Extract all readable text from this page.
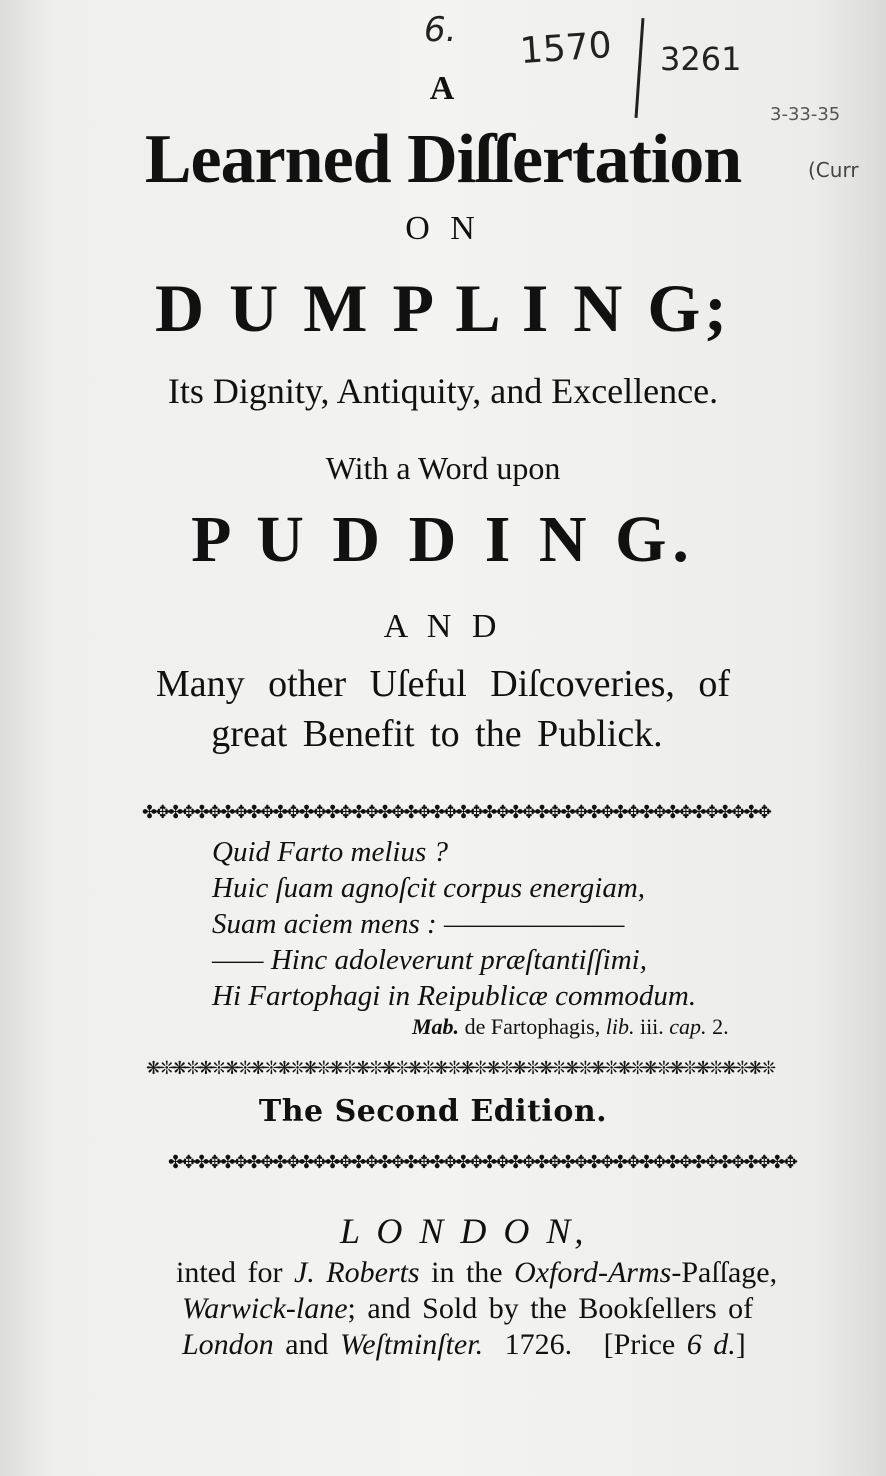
6. 1570 3261
3-33-35
(Curr
A
Learned Diſſertation
O N
D U M P L I N G;
Its Dignity, Antiquity, and Excellence.
With a Word upon
P U D D I N G.
A N D
Many other Uſeful Diſcoveries, of
great Benefit to the Publick.
✤✥✤✥✤✥✤✥✤✥✤✥✤✥✤✥✤✥✤✥✤✥✤✥✤✥✤✥✤✥✤✥✤✥✤✥✤✥✤✥✤✥✤✥✤✥✤✥
Quid Farto melius ?
Huic ſuam agnoſcit corpus energiam,
Suam aciem mens : ———————
—— Hinc adoleverunt præſtantiſſimi,
Hi Fartophagi in Reipublicæ commodum.
Mab. de Fartophagis, lib. iii. cap. 2.
❋❊❋❊❋❊❋❊❋❊❋❊❋❊❋❊❋❊❋❊❋❊❋❊❋❊❋❊❋❊❋❊❋❊❋❊❋❊❋❊❋❊❋❊❋❊❋❊
The Second Edition.
✤✥✤✥✤✥✤✥✤✥✤✥✤✥✤✥✤✥✤✥✤✥✤✥✤✥✤✥✤✥✤✥✤✥✤✥✤✥✤✥✤✥✤✥✤✥✤✥
L O N D O N,
inted for J. Roberts in the Oxford-Arms-Paſſage,
Warwick-lane; and Sold by the Bookſellers of
London and Weſtminſter. 1726. [Price 6 d.]
